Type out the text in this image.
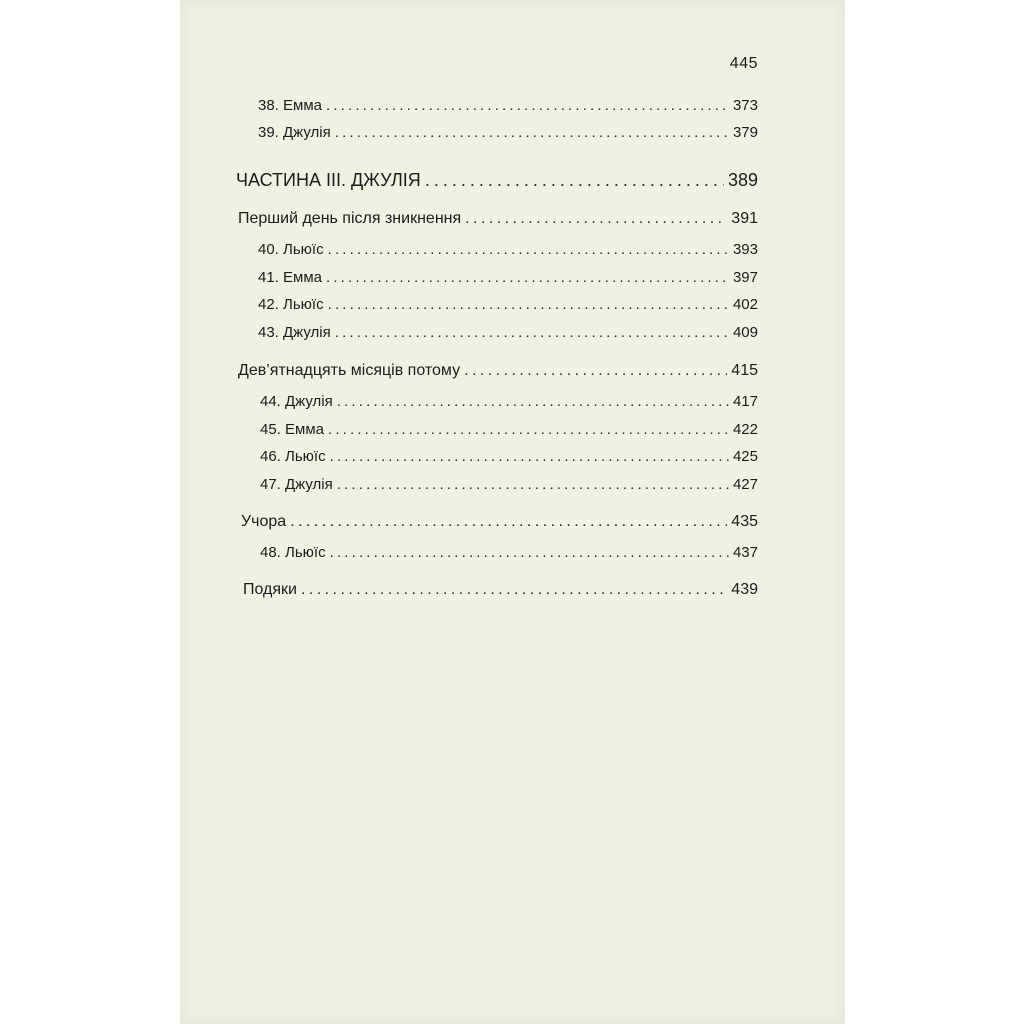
445
38. Емма . . .	373
39. Джулія . . .	379
ЧАСТИНА ІІІ. ДЖУЛІЯ . . .	389
Перший день після зникнення . . .	391
40. Льюїс . . .	393
41. Емма . . .	397
42. Льюїс . . .	402
43. Джулія . . .	409
Дев’ятнадцять місяців потому . . .	415
44. Джулія . . .	417
45. Емма . . .	422
46. Льюїс . . .	425
47. Джулія . . .	427
Учора . . .	435
48. Льюїс . . .	437
Подяки . . .	439
